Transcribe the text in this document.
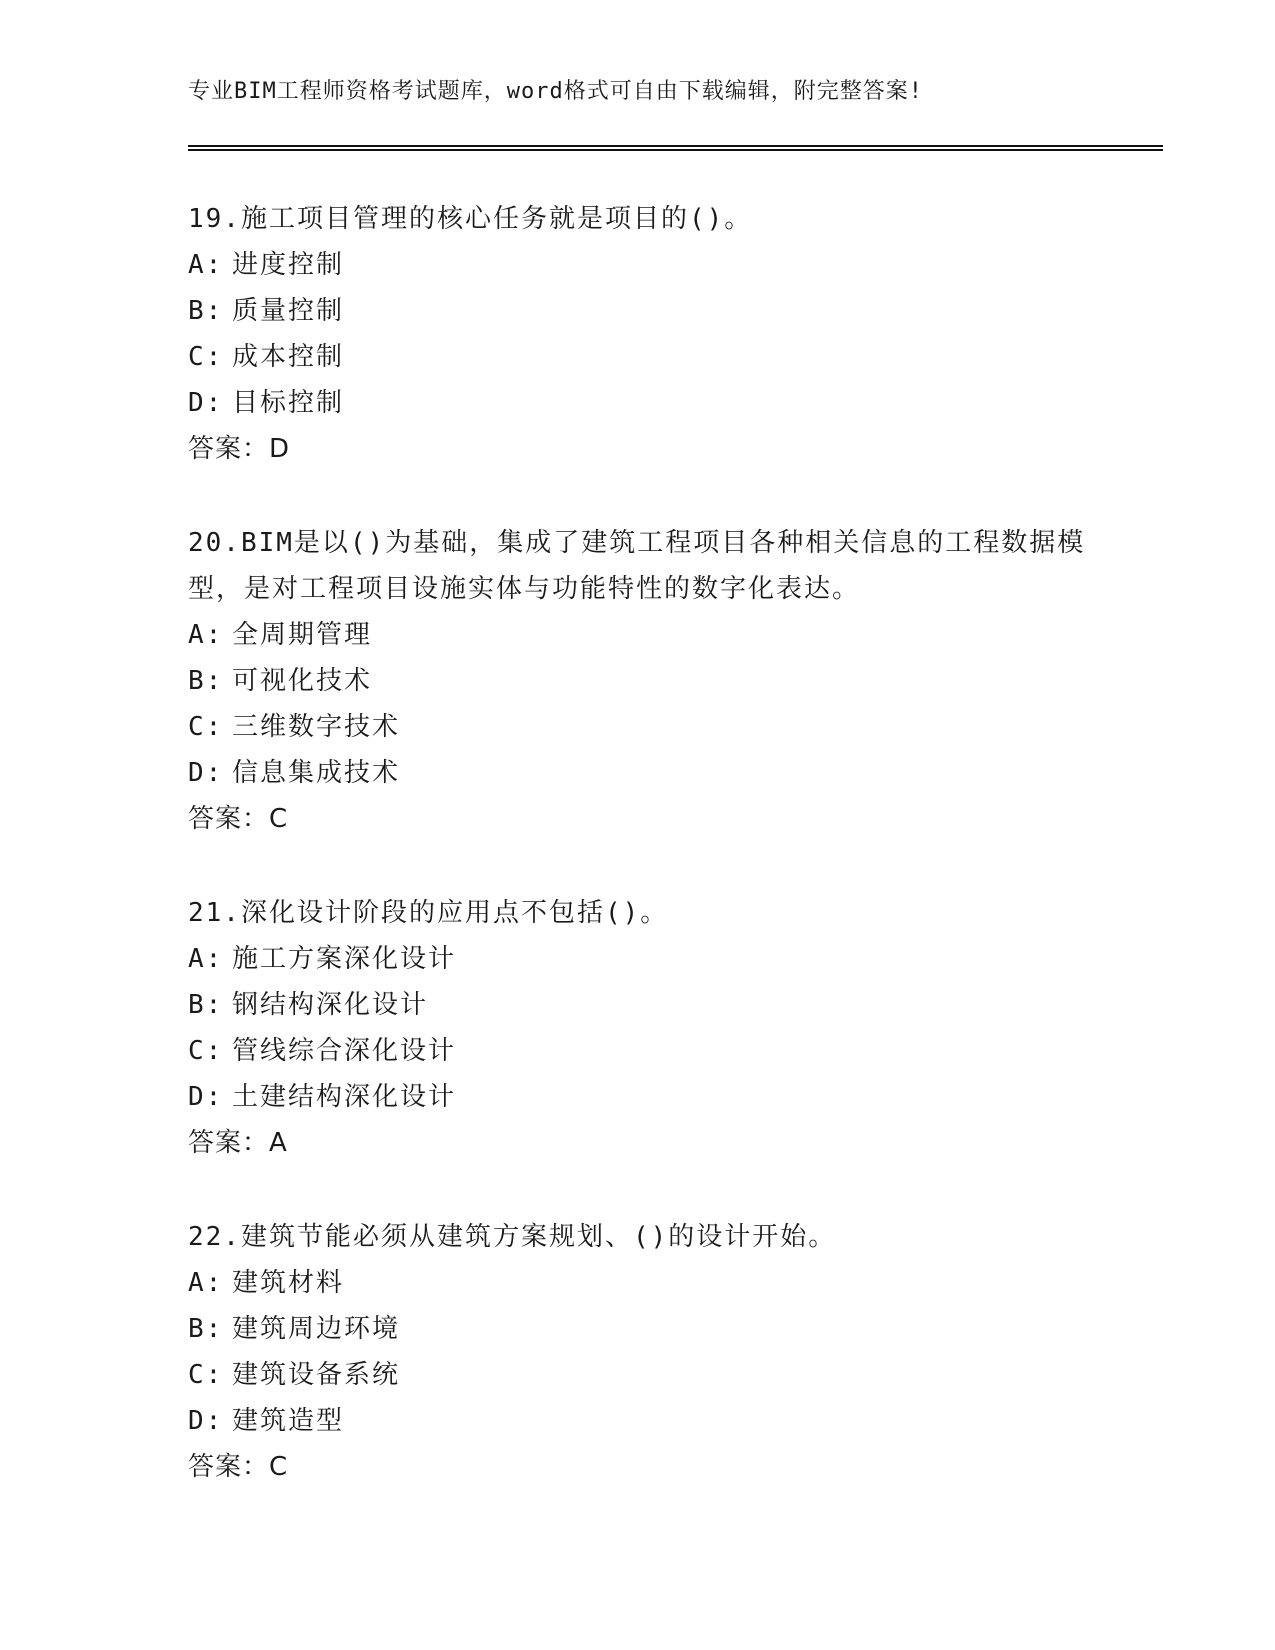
专业BIM工程师资格考试题库，word格式可自由下载编辑，附完整答案!

19.施工项目管理的核心任务就是项目的()。

A: 进度控制
B: 质量控制
C: 成本控制
D: 目标控制
答案：D

20.BIM是以()为基础，集成了建筑工程项目各种相关信息的工程数据模型，是对工程项目设施实体与功能特性的数字化表达。

A: 全周期管理
B: 可视化技术
C: 三维数字技术
D: 信息集成技术
答案：C

21.深化设计阶段的应用点不包括()。

A: 施工方案深化设计
B: 钢结构深化设计
C: 管线综合深化设计
D: 土建结构深化设计
答案：A

22.建筑节能必须从建筑方案规划、()的设计开始。

A: 建筑材料
B: 建筑周边环境
C: 建筑设备系统
D: 建筑造型
答案：C
